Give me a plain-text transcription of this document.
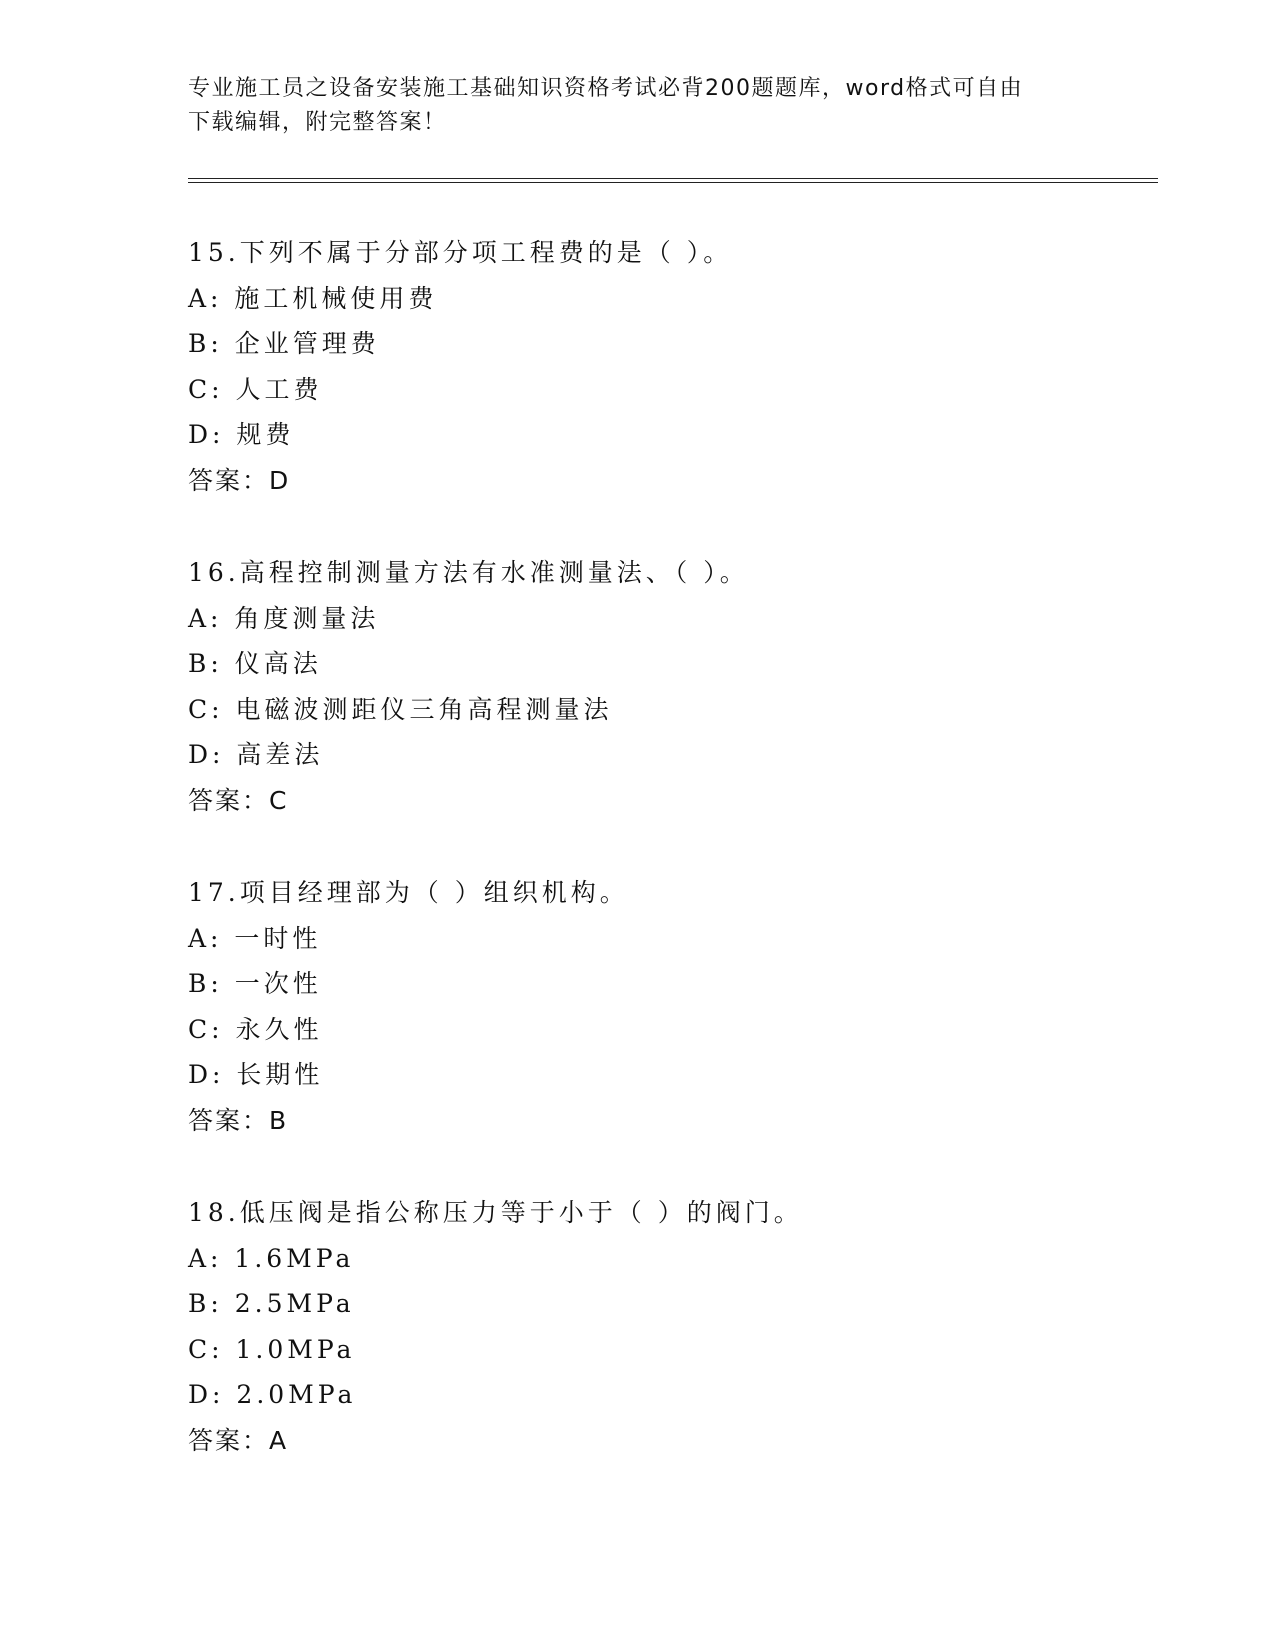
专业施工员之设备安装施工基础知识资格考试必背200题题库，word格式可自由
下载编辑，附完整答案！
15.下列不属于分部分项工程费的是（ ）。
A: 施工机械使用费
B: 企业管理费
C: 人工费
D: 规费
答案：D
16.高程控制测量方法有水准测量法、（ ）。
A: 角度测量法
B: 仪高法
C: 电磁波测距仪三角高程测量法
D: 高差法
答案：C
17.项目经理部为（ ）组织机构。
A: 一时性
B: 一次性
C: 永久性
D: 长期性
答案：B
18.低压阀是指公称压力等于小于（ ）的阀门。
A: 1.6MPa
B: 2.5MPa
C: 1.0MPa
D: 2.0MPa
答案：A
